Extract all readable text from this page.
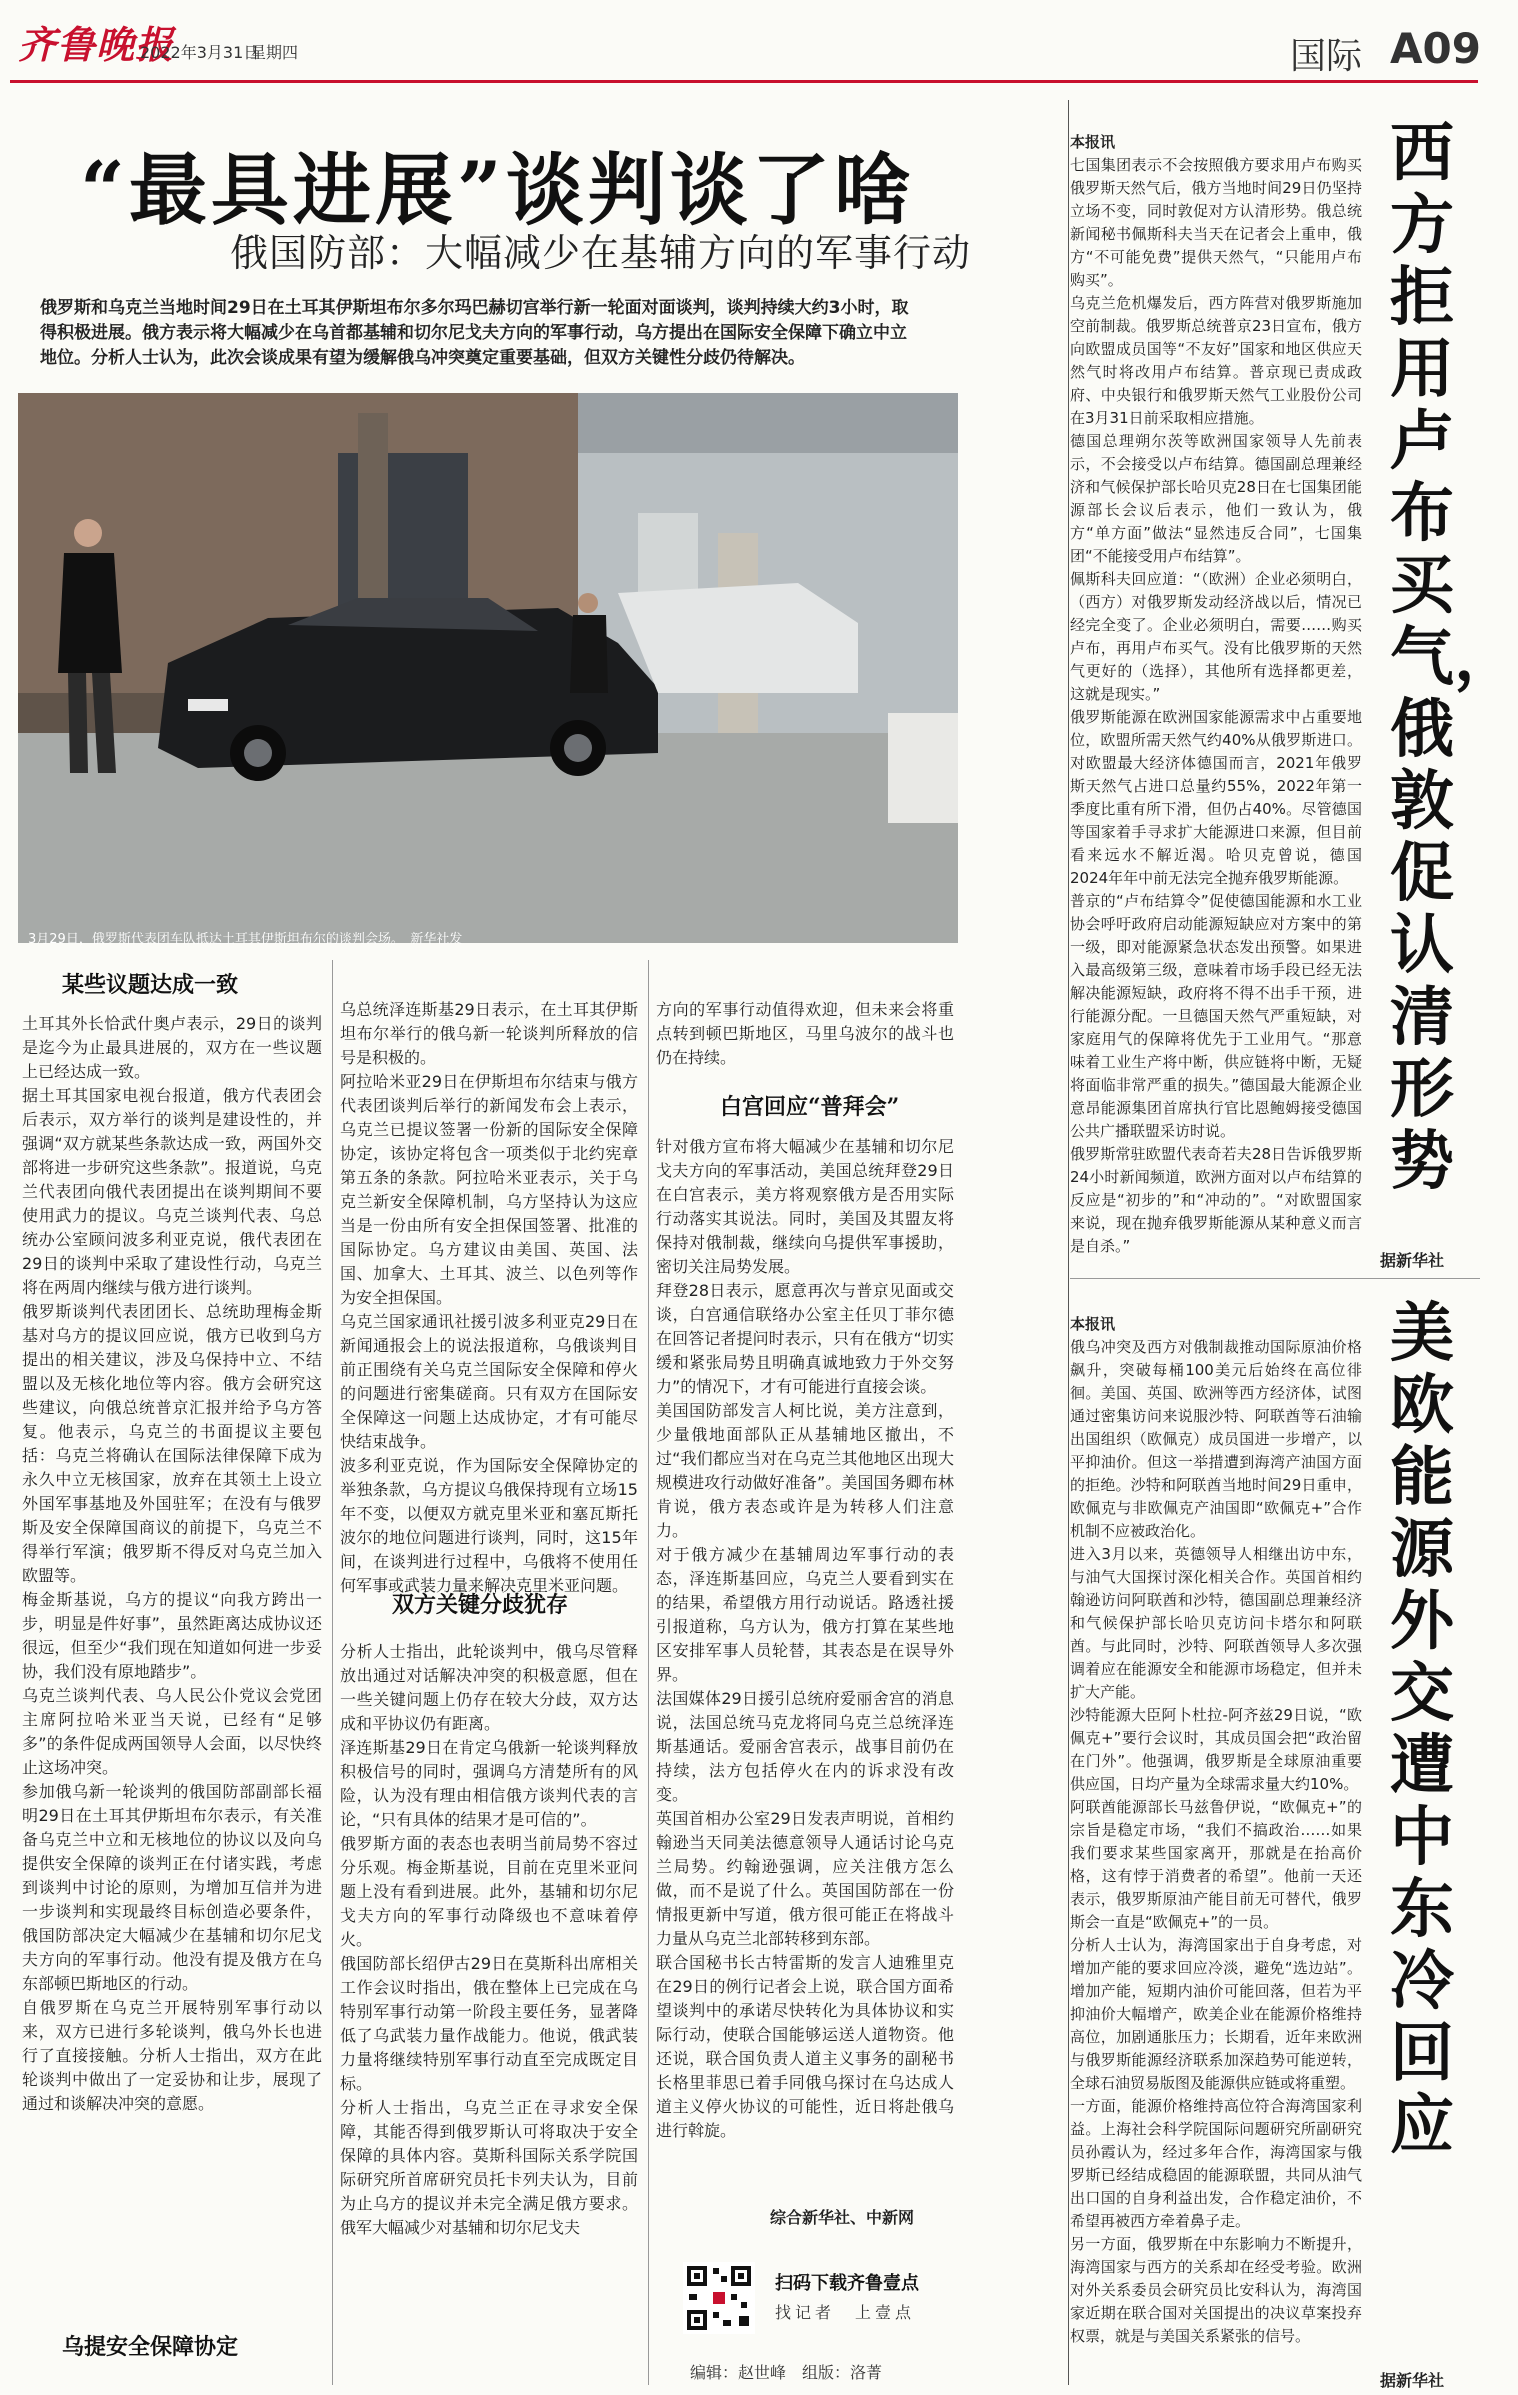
齐鲁晚报
2022年3月31日
星期四	国际 A09
“最具进展”谈判谈了啥
俄国防部：大幅减少在基辅方向的军事行动
俄罗斯和乌克兰当地时间29日在土耳其伊斯坦布尔多尔玛巴赫切宫举行新一轮面对面谈判，谈判持续大约3小时，取得积极进展。俄方表示将大幅减少在乌首都基辅和切尔尼戈夫方向的军事行动，乌方提出在国际安全保障下确立中立地位。分析人士认为，此次会谈成果有望为缓解俄乌冲突奠定重要基础，但双方关键性分歧仍待解决。
3月29日，俄罗斯代表团车队抵达土耳其伊斯坦布尔的谈判会场。　新华社发
某些议题达成一致
土耳其外长恰武什奥卢表示，29日的谈判是迄今为止最具进展的，双方在一些议题上已经达成一致。
据土耳其国家电视台报道，俄方代表团会后表示，双方举行的谈判是建设性的，并强调“双方就某些条款达成一致，两国外交部将进一步研究这些条款”。报道说，乌克兰代表团向俄代表团提出在谈判期间不要使用武力的提议。乌克兰谈判代表、乌总统办公室顾问波多利亚克说，俄代表团在29日的谈判中采取了建设性行动，乌克兰将在两周内继续与俄方进行谈判。
俄罗斯谈判代表团团长、总统助理梅金斯基对乌方的提议回应说，俄方已收到乌方提出的相关建议，涉及乌保持中立、不结盟以及无核化地位等内容。俄方会研究这些建议，向俄总统普京汇报并给予乌方答复。他表示，乌克兰的书面提议主要包括：乌克兰将确认在国际法律保障下成为永久中立无核国家，放弃在其领土上设立外国军事基地及外国驻军；在没有与俄罗斯及安全保障国商议的前提下，乌克兰不得举行军演；俄罗斯不得反对乌克兰加入欧盟等。
梅金斯基说，乌方的提议“向我方跨出一步，明显是件好事”，虽然距离达成协议还很远，但至少“我们现在知道如何进一步妥协，我们没有原地踏步”。
乌克兰谈判代表、乌人民公仆党议会党团主席阿拉哈米亚当天说，已经有“足够多”的条件促成两国领导人会面，以尽快终止这场冲突。
参加俄乌新一轮谈判的俄国防部副部长福明29日在土耳其伊斯坦布尔表示，有关准备乌克兰中立和无核地位的协议以及向乌提供安全保障的谈判正在付诸实践，考虑到谈判中讨论的原则，为增加互信并为进一步谈判和实现最终目标创造必要条件，俄国防部决定大幅减少在基辅和切尔尼戈夫方向的军事行动。他没有提及俄方在乌东部顿巴斯地区的行动。
自俄罗斯在乌克兰开展特别军事行动以来，双方已进行多轮谈判，俄乌外长也进行了直接接触。分析人士指出，双方在此轮谈判中做出了一定妥协和让步，展现了通过和谈解决冲突的意愿。
乌提安全保障协定
乌总统泽连斯基29日表示，在土耳其伊斯坦布尔举行的俄乌新一轮谈判所释放的信号是积极的。
阿拉哈米亚29日在伊斯坦布尔结束与俄方代表团谈判后举行的新闻发布会上表示，乌克兰已提议签署一份新的国际安全保障协定，该协定将包含一项类似于北约宪章第五条的条款。阿拉哈米亚表示，关于乌克兰新安全保障机制，乌方坚持认为这应当是一份由所有安全担保国签署、批准的国际协定。乌方建议由美国、英国、法国、加拿大、土耳其、波兰、以色列等作为安全担保国。
乌克兰国家通讯社援引波多利亚克29日在新闻通报会上的说法报道称，乌俄谈判目前正围绕有关乌克兰国际安全保障和停火的问题进行密集磋商。只有双方在国际安全保障这一问题上达成协定，才有可能尽快结束战争。
波多利亚克说，作为国际安全保障协定的举独条款，乌方提议乌俄保持现有立场15年不变，以便双方就克里米亚和塞瓦斯托波尔的地位问题进行谈判，同时，这15年间，在谈判进行过程中，乌俄将不使用任何军事或武装力量来解决克里米亚问题。
双方关键分歧犹存
分析人士指出，此轮谈判中，俄乌尽管释放出通过对话解决冲突的积极意愿，但在一些关键问题上仍存在较大分歧，双方达成和平协议仍有距离。
泽连斯基29日在肯定乌俄新一轮谈判释放积极信号的同时，强调乌方清楚所有的风险，认为没有理由相信俄方谈判代表的言论，“只有具体的结果才是可信的”。
俄罗斯方面的表态也表明当前局势不容过分乐观。梅金斯基说，目前在克里米亚问题上没有看到进展。此外，基辅和切尔尼戈夫方向的军事行动降级也不意味着停火。
俄国防部长绍伊古29日在莫斯科出席相关工作会议时指出，俄在整体上已完成在乌特别军事行动第一阶段主要任务，显著降低了乌武装力量作战能力。他说，俄武装力量将继续特别军事行动直至完成既定目标。
分析人士指出，乌克兰正在寻求安全保障，其能否得到俄罗斯认可将取决于安全保障的具体内容。莫斯科国际关系学院国际研究所首席研究员托卡列夫认为，目前为止乌方的提议并未完全满足俄方要求。俄军大幅减少对基辅和切尔尼戈夫
方向的军事行动值得欢迎，但未来会将重点转到顿巴斯地区，马里乌波尔的战斗也仍在持续。
白宫回应“普拜会”
针对俄方宣布将大幅减少在基辅和切尔尼戈夫方向的军事活动，美国总统拜登29日在白宫表示，美方将观察俄方是否用实际行动落实其说法。同时，美国及其盟友将保持对俄制裁，继续向乌提供军事援助，密切关注局势发展。
拜登28日表示，愿意再次与普京见面或交谈，白宫通信联络办公室主任贝丁菲尔德在回答记者提问时表示，只有在俄方“切实缓和紧张局势且明确真诚地致力于外交努力”的情况下，才有可能进行直接会谈。
美国国防部发言人柯比说，美方注意到，少量俄地面部队正从基辅地区撤出，不过“我们都应当对在乌克兰其他地区出现大规模进攻行动做好准备”。美国国务卿布林肯说，俄方表态或许是为转移人们注意力。
对于俄方减少在基辅周边军事行动的表态，泽连斯基回应，乌克兰人要看到实在的结果，希望俄方用行动说话。路透社援引报道称，乌方认为，俄方打算在某些地区安排军事人员轮替，其表态是在误导外界。
法国媒体29日援引总统府爱丽舍宫的消息说，法国总统马克龙将同乌克兰总统泽连斯基通话。爱丽舍宫表示，战事目前仍在持续，法方包括停火在内的诉求没有改变。
英国首相办公室29日发表声明说，首相约翰逊当天同美法德意领导人通话讨论乌克兰局势。约翰逊强调，应关注俄方怎么做，而不是说了什么。英国国防部在一份情报更新中写道，俄方很可能正在将战斗力量从乌克兰北部转移到东部。
联合国秘书长古特雷斯的发言人迪雅里克在29日的例行记者会上说，联合国方面希望谈判中的承诺尽快转化为具体协议和实际行动，使联合国能够运送人道物资。他还说，联合国负责人道主义事务的副秘书长格里菲思已着手同俄乌探讨在乌达成人道主义停火协议的可能性，近日将赴俄乌进行斡旋。
综合新华社、中新网
扫码下载齐鲁壹点
找记者　上壹点
编辑：赵世峰　组版：洛菁

本报讯
七国集团表示不会按照俄方要求用卢布购买俄罗斯天然气后，俄方当地时间29日仍坚持立场不变，同时敦促对方认清形势。俄总统新闻秘书佩斯科夫当天在记者会上重申，俄方“不可能免费”提供天然气，“只能用卢布购买”。
乌克兰危机爆发后，西方阵营对俄罗斯施加空前制裁。俄罗斯总统普京23日宣布，俄方向欧盟成员国等“不友好”国家和地区供应天然气时将改用卢布结算。普京现已责成政府、中央银行和俄罗斯天然气工业股份公司在3月31日前采取相应措施。
德国总理朔尔茨等欧洲国家领导人先前表示，不会接受以卢布结算。德国副总理兼经济和气候保护部长哈贝克28日在七国集团能源部长会议后表示，他们一致认为，俄方“单方面”做法“显然违反合同”，七国集团“不能接受用卢布结算”。
佩斯科夫回应道：“（欧洲）企业必须明白，（西方）对俄罗斯发动经济战以后，情况已经完全变了。企业必须明白，需要……购买卢布，再用卢布买气。没有比俄罗斯的天然气更好的（选择），其他所有选择都更差，这就是现实。”
俄罗斯能源在欧洲国家能源需求中占重要地位，欧盟所需天然气约40%从俄罗斯进口。对欧盟最大经济体德国而言，2021年俄罗斯天然气占进口总量约55%，2022年第一季度比重有所下滑，但仍占40%。尽管德国等国家着手寻求扩大能源进口来源，但目前看来远水不解近渴。哈贝克曾说，德国2024年年中前无法完全抛弃俄罗斯能源。
普京的“卢布结算令”促使德国能源和水工业协会呼吁政府启动能源短缺应对方案中的第一级，即对能源紧急状态发出预警。如果进入最高级第三级，意味着市场手段已经无法解决能源短缺，政府将不得不出手干预，进行能源分配。一旦德国天然气严重短缺，对家庭用气的保障将优先于工业用气。“那意味着工业生产将中断，供应链将中断，无疑将面临非常严重的损失。”德国最大能源企业意昂能源集团首席执行官比恩鲍姆接受德国公共广播联盟采访时说。
俄罗斯常驻欧盟代表奇若夫28日告诉俄罗斯24小时新闻频道，欧洲方面对以卢布结算的反应是“初步的”和“冲动的”。“对欧盟国家来说，现在抛弃俄罗斯能源从某种意义而言是自杀。”

西方拒用卢布买气，俄敦促认清形势
据新华社

本报讯
俄乌冲突及西方对俄制裁推动国际原油价格飙升，突破每桶100美元后始终在高位徘徊。美国、英国、欧洲等西方经济体，试图通过密集访问来说服沙特、阿联酋等石油输出国组织（欧佩克）成员国进一步增产，以平抑油价。但这一举措遭到海湾产油国方面的拒绝。沙特和阿联酋当地时间29日重申，欧佩克与非欧佩克产油国即“欧佩克+”合作机制不应被政治化。
进入3月以来，英德领导人相继出访中东，与油气大国探讨深化相关合作。英国首相约翰逊访问阿联酋和沙特，德国副总理兼经济和气候保护部长哈贝克访问卡塔尔和阿联酋。与此同时，沙特、阿联酋领导人多次强调着应在能源安全和能源市场稳定，但并未扩大产能。
沙特能源大臣阿卜杜拉-阿齐兹29日说，“欧佩克+”要行会议时，其成员国会把“政治留在门外”。他强调，俄罗斯是全球原油重要供应国，日均产量为全球需求量大约10%。
阿联酋能源部长马兹鲁伊说，“欧佩克+”的宗旨是稳定市场，“我们不搞政治……如果我们要求某些国家离开，那就是在抬高价格，这有悖于消费者的希望”。他前一天还表示，俄罗斯原油产能目前无可替代，俄罗斯会一直是“欧佩克+”的一员。
分析人士认为，海湾国家出于自身考虑，对增加产能的要求回应冷淡，避免“选边站”。增加产能，短期内油价可能回落，但若为平抑油价大幅增产，欧美企业在能源价格维持高位，加剧通胀压力；长期看，近年来欧洲与俄罗斯能源经济联系加深趋势可能逆转，全球石油贸易版图及能源供应链或将重塑。
一方面，能源价格维持高位符合海湾国家利益。上海社会科学院国际问题研究所副研究员孙霞认为，经过多年合作，海湾国家与俄罗斯已经结成稳固的能源联盟，共同从油气出口国的自身利益出发，合作稳定油价，不希望再被西方牵着鼻子走。
另一方面，俄罗斯在中东影响力不断提升，海湾国家与西方的关系却在经受考验。欧洲对外关系委员会研究员比安科认为，海湾国家近期在联合国对关国提出的决议草案投弃权票，就是与美国关系紧张的信号。

美欧能源外交遭中东冷回应
据新华社
